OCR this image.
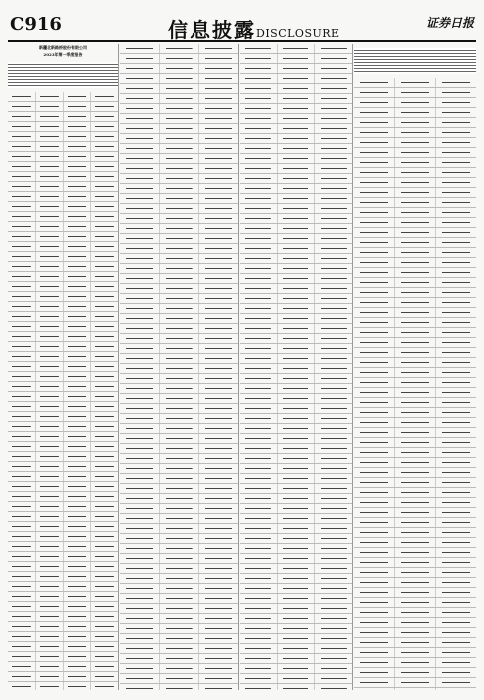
C916	信息披露DISCLOSURE
证券日报
新疆北新路桥股份有限公司
2023年第一季度报告
